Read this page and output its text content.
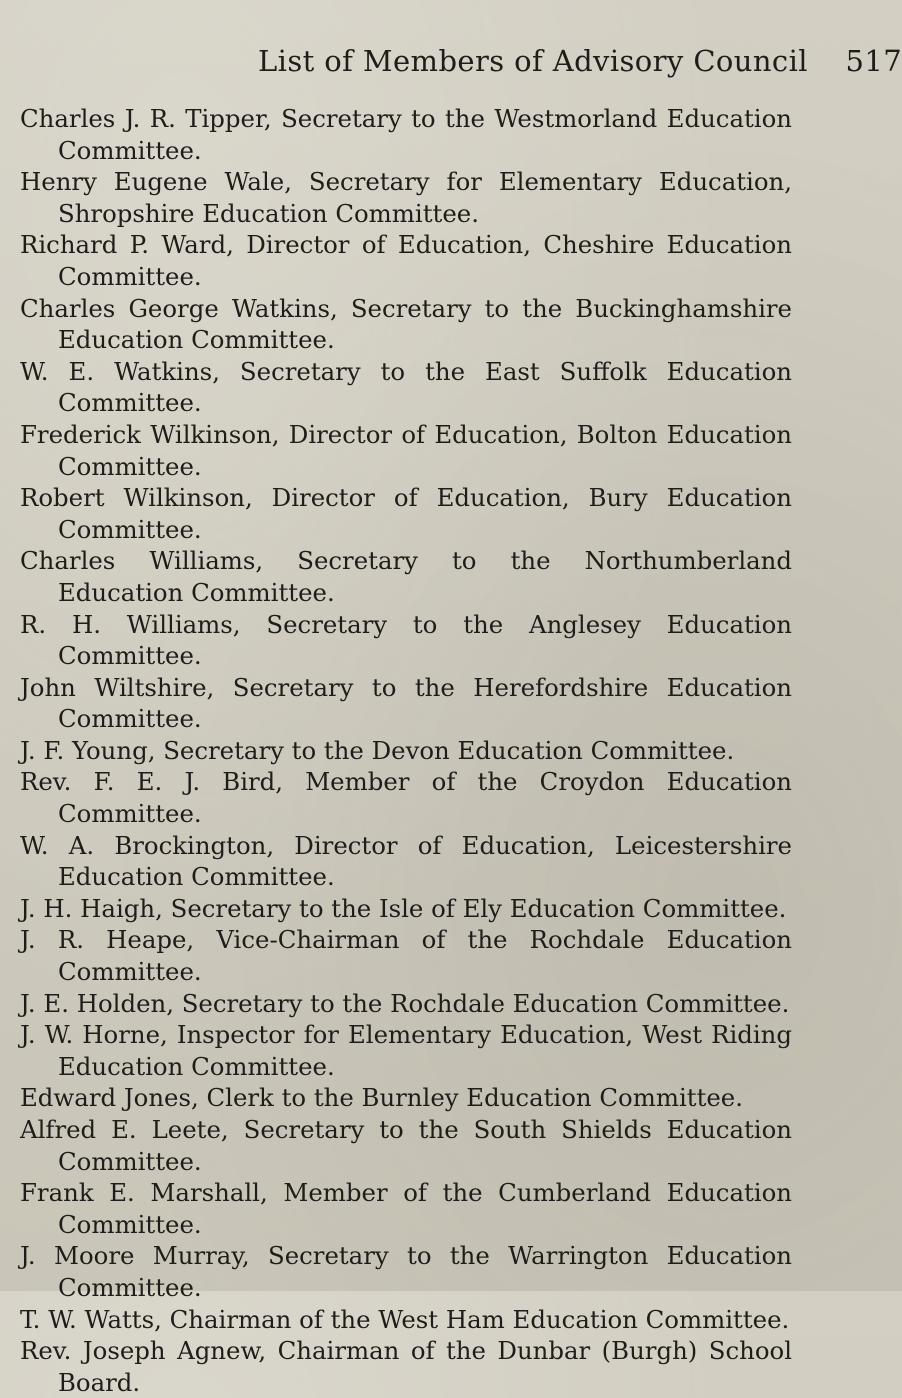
List of Members of Advisory Council 517
Charles J. R. Tipper, Secretary to the Westmorland Education Committee.
Henry Eugene Wale, Secretary for Elementary Education, Shropshire Education Committee.
Richard P. Ward, Director of Education, Cheshire Education Committee.
Charles George Watkins, Secretary to the Buckinghamshire Education Committee.
W. E. Watkins, Secretary to the East Suffolk Education Committee.
Frederick Wilkinson, Director of Education, Bolton Education Committee.
Robert Wilkinson, Director of Education, Bury Education Committee.
Charles Williams, Secretary to the Northumberland Education Committee.
R. H. Williams, Secretary to the Anglesey Education Committee.
John Wiltshire, Secretary to the Herefordshire Education Committee.
J. F. Young, Secretary to the Devon Education Committee.
Rev. F. E. J. Bird, Member of the Croydon Education Committee.
W. A. Brockington, Director of Education, Leicestershire Education Committee.
J. H. Haigh, Secretary to the Isle of Ely Education Committee.
J. R. Heape, Vice-Chairman of the Rochdale Education Committee.
J. E. Holden, Secretary to the Rochdale Education Committee.
J. W. Horne, Inspector for Elementary Education, West Riding Education Committee.
Edward Jones, Clerk to the Burnley Education Committee.
Alfred E. Leete, Secretary to the South Shields Education Committee.
Frank E. Marshall, Member of the Cumberland Education Committee.
J. Moore Murray, Secretary to the Warrington Education Committee.
T. W. Watts, Chairman of the West Ham Education Committee.
Rev. Joseph Agnew, Chairman of the Dunbar (Burgh) School Board.
